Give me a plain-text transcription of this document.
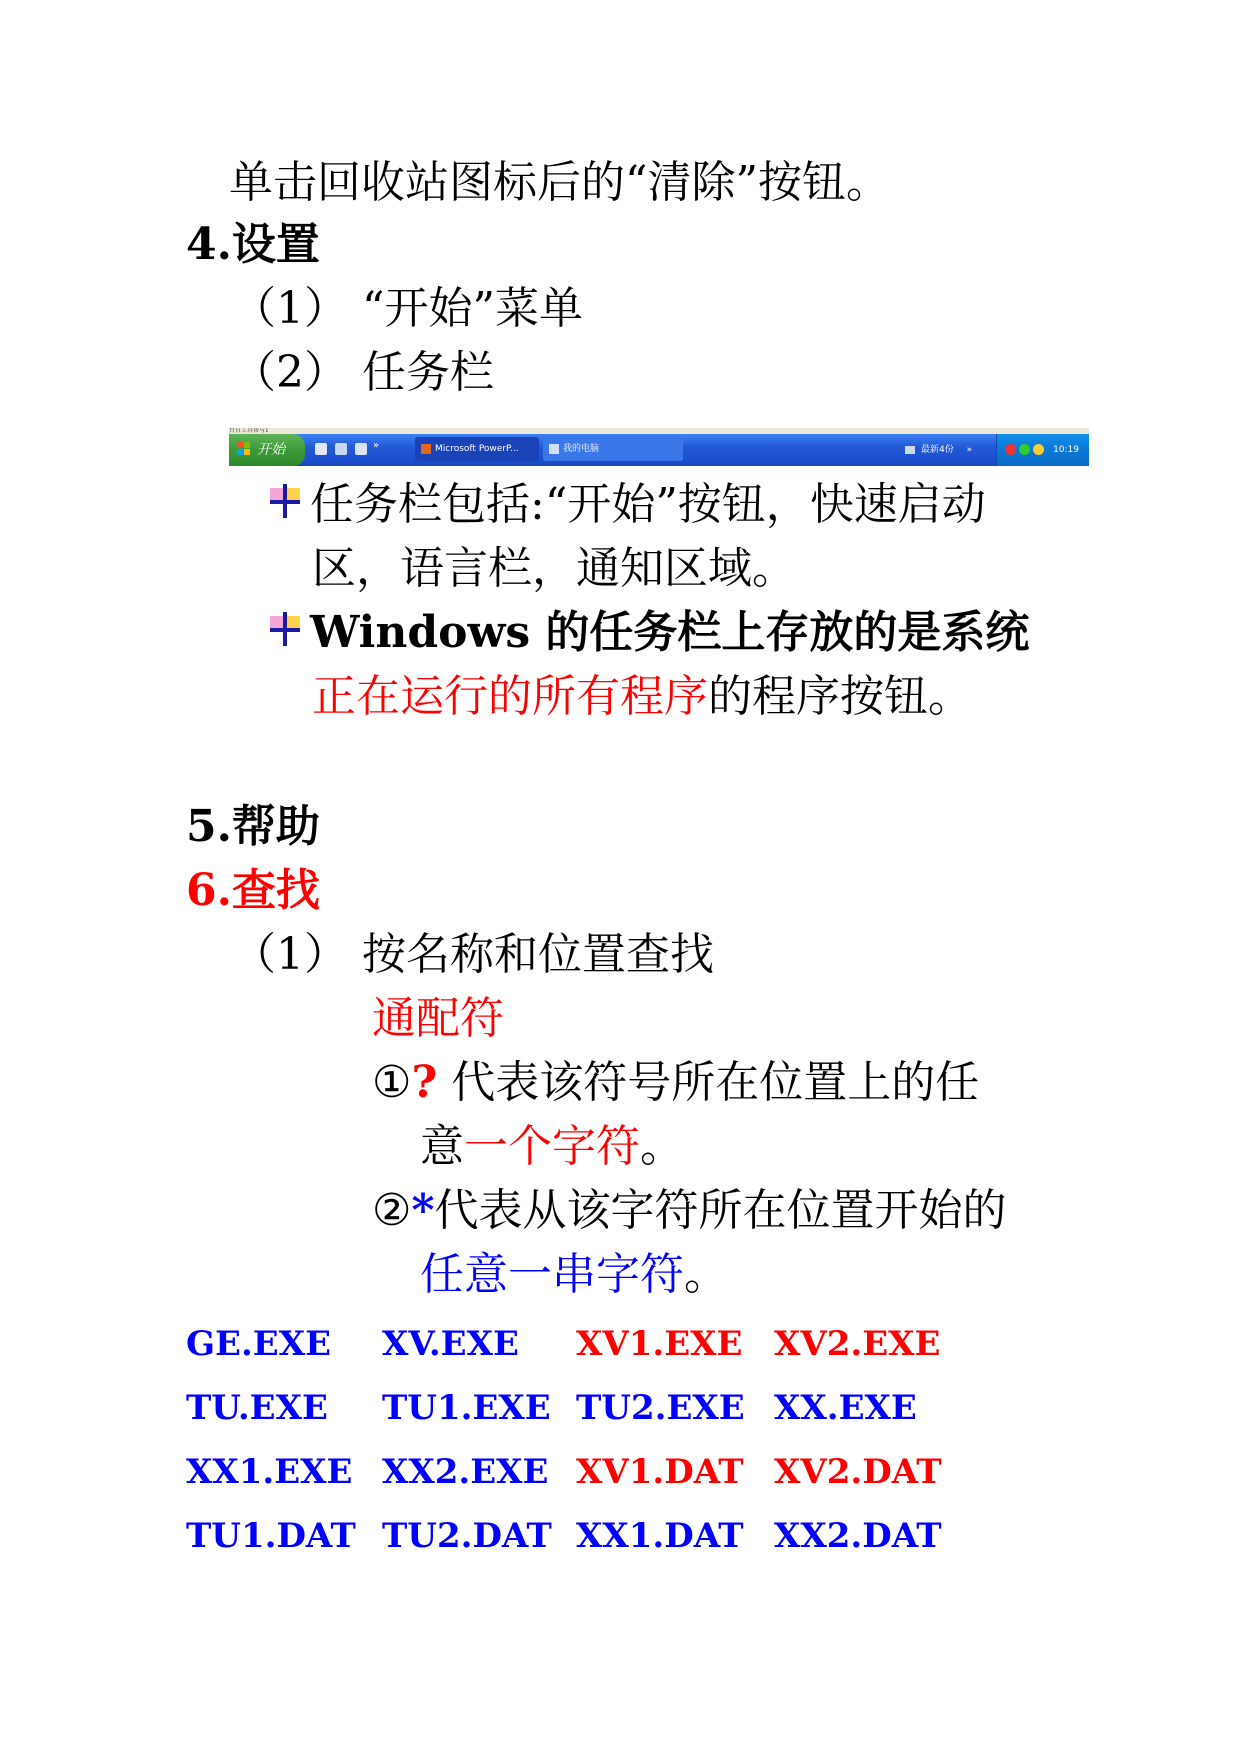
单击回收站图标后的“清除”按钮。
4.设置
（1） “开始”菜单
（2） 任务栏
台自工具帮与1
开始	»	Microsoft PowerP...	我的电脑	最新4份 »	10:19
任务栏包括:“开始”按钮，快速启动
区，语言栏，通知区域。
Windows 的任务栏上存放的是系统
正在运行的所有程序的程序按钮。
5.帮助
6.查找
（1） 按名称和位置查找
通配符
①? 代表该符号所在位置上的任
意一个字符。
②*代表从该字符所在位置开始的
任意一串字符。
GE.EXE XV.EXE XV1.EXE XV2.EXE
TU.EXE TU1.EXE TU2.EXE XX.EXE
XX1.EXE XX2.EXE XV1.DAT XV2.DAT
TU1.DAT TU2.DAT XX1.DAT XX2.DAT
